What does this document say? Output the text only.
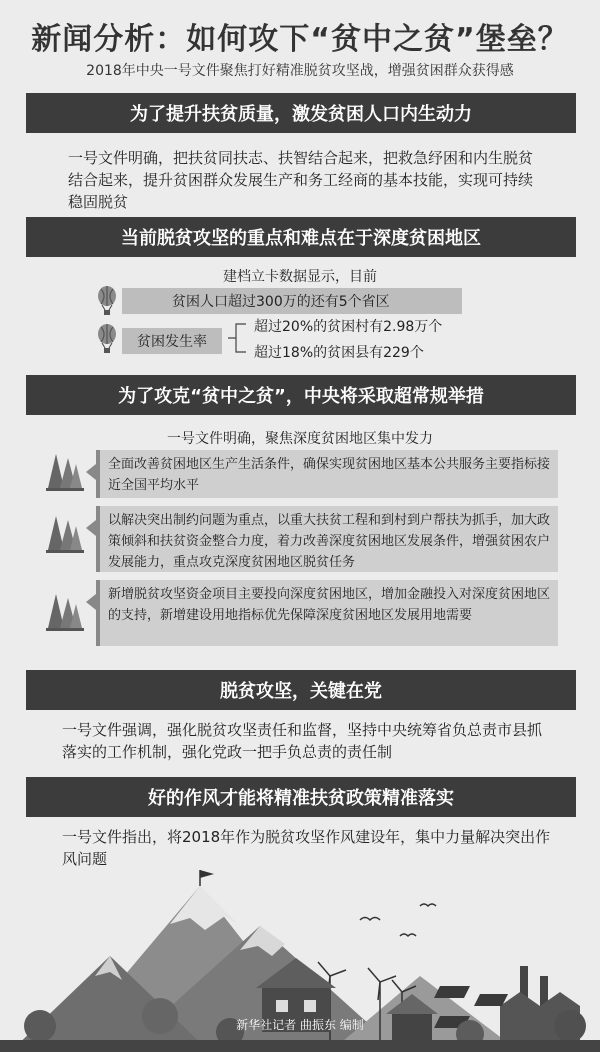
新闻分析：如何攻下“贫中之贫”堡垒？
2018年中央一号文件聚焦打好精准脱贫攻坚战，增强贫困群众获得感
为了提升扶贫质量，激发贫困人口内生动力
一号文件明确，把扶贫同扶志、扶智结合起来，把救急纾困和内生脱贫结合起来，提升贫困群众发展生产和务工经商的基本技能，实现可持续稳固脱贫
当前脱贫攻坚的重点和难点在于深度贫困地区
建档立卡数据显示，目前
贫困人口超过300万的还有5个省区
贫困发生率
超过20%的贫困村有2.98万个
超过18%的贫困县有229个
为了攻克“贫中之贫”，中央将采取超常规举措
一号文件明确，聚焦深度贫困地区集中发力
全面改善贫困地区生产生活条件，确保实现贫困地区基本公共服务主要指标接近全国平均水平
以解决突出制约问题为重点，以重大扶贫工程和到村到户帮扶为抓手，加大政策倾斜和扶贫资金整合力度，着力改善深度贫困地区发展条件，增强贫困农户发展能力，重点攻克深度贫困地区脱贫任务
新增脱贫攻坚资金项目主要投向深度贫困地区，增加金融投入对深度贫困地区的支持，新增建设用地指标优先保障深度贫困地区发展用地需要
脱贫攻坚，关键在党
一号文件强调，强化脱贫攻坚责任和监督，坚持中央统筹省负总责市县抓落实的工作机制，强化党政一把手负总责的责任制
好的作风才能将精准扶贫政策精准落实
一号文件指出，将2018年作为脱贫攻坚作风建设年，集中力量解决突出作风问题
新华社记者 曲振东 编制
